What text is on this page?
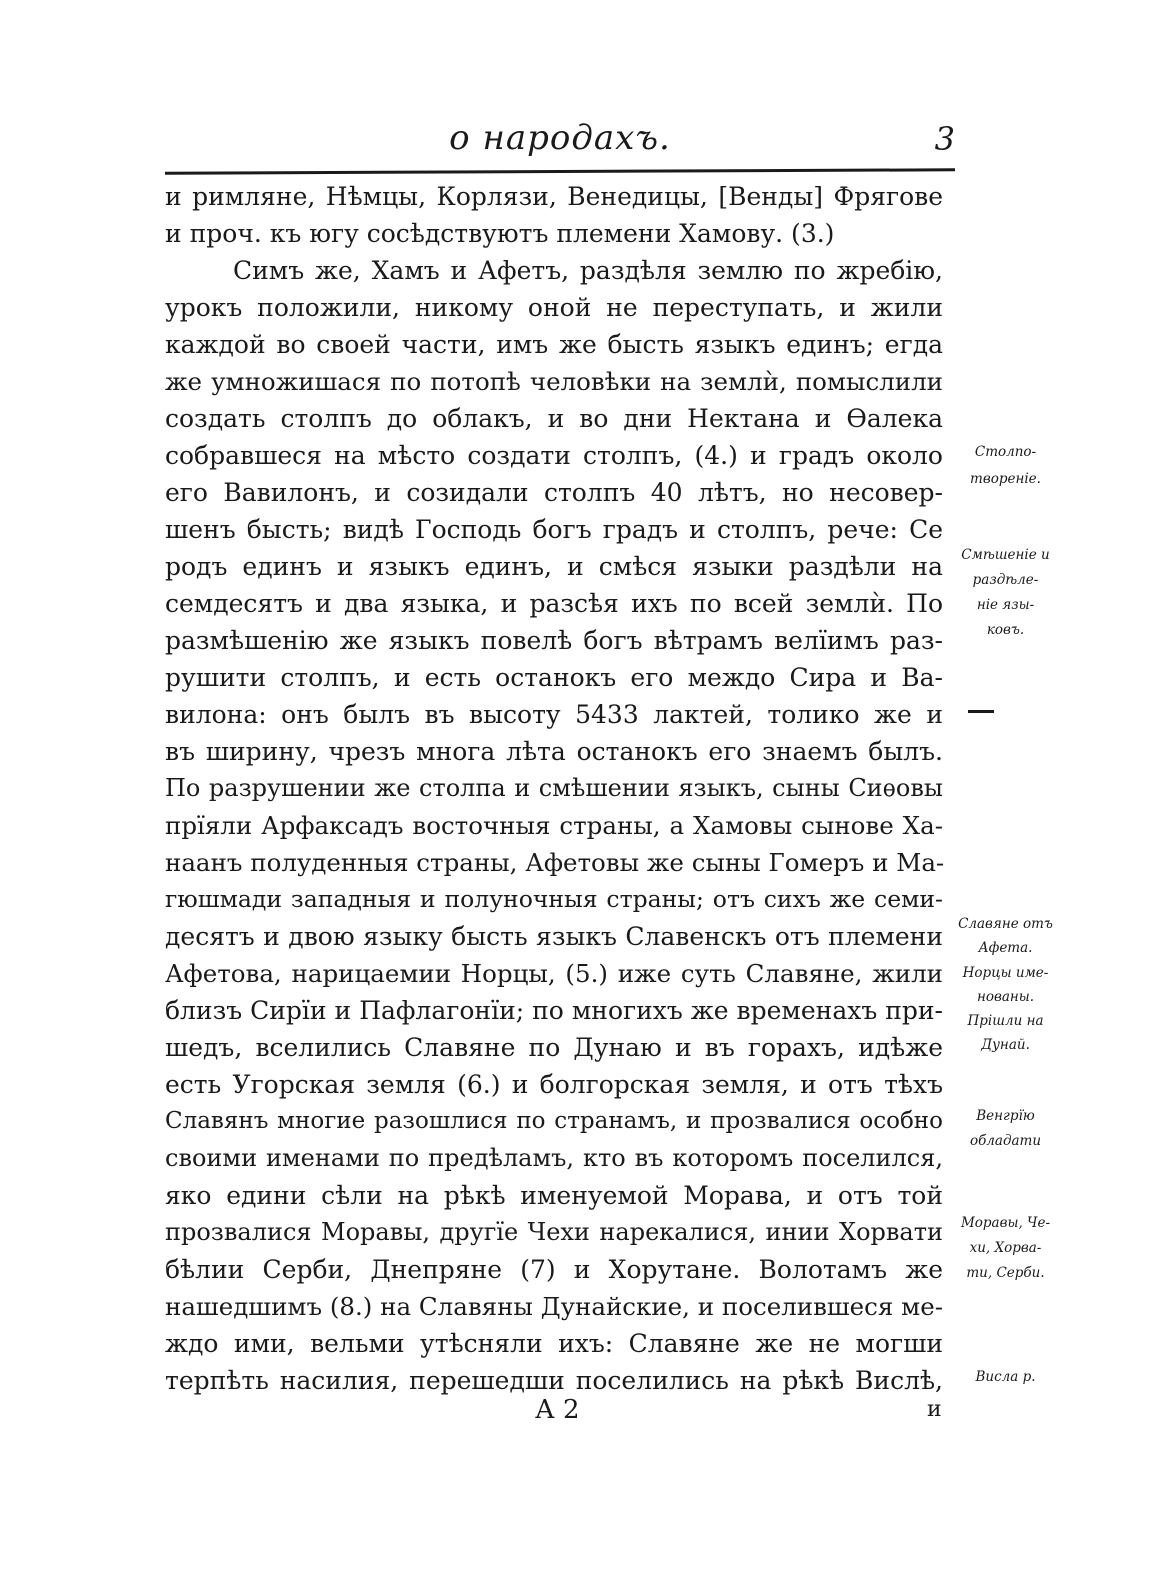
о народахъ.	3
и римляне, Нѣмцы, Корлязи, Венедицы, [Венды] Фрягове
и проч. къ югу сосѣдствуютъ племени Хамову. (3.)
Симъ же, Хамъ и Афетъ, раздѣля землю по жребію,
урокъ положили, никому оной не переступать, и жили
каждой во своей части, имъ же бысть языкъ единъ; егда
же умножишася по потопѣ человѣки на землѝ, помыслили
создать столпъ до облакъ, и во дни Нектана и Ѳалека
собравшеся на мѣсто создати столпъ, (4.) и градъ около
его Вавилонъ, и созидали столпъ 40 лѣтъ, но несовер-
шенъ бысть; видѣ Господь богъ градъ и столпъ, рече: Се
родъ единъ и языкъ единъ, и смѣся языки раздѣли на
семдесятъ и два языка, и разсѣя ихъ по всей землѝ. По
размѣшенію же языкъ повелѣ богъ вѣтрамъ велїимъ раз-
рушити столпъ, и есть останокъ его междо Сира и Ва-
вилона: онъ былъ въ высоту 5433 лактей, толико же и
въ ширину, чрезъ многа лѣта останокъ его знаемъ былъ.
По разрушении же столпа и смѣшении языкъ, сыны Сиѳовы
прїяли Арфаксадъ восточныя страны, а Хамовы сынове Ха-
наанъ полуденныя страны, Афетовы же сыны Гомеръ и Ма-
гюшмади западныя и полуночныя страны; отъ сихъ же семи-
десятъ и двою языку бысть языкъ Славенскъ отъ племени
Афетова, нарицаемии Норцы, (5.) иже суть Славяне, жили
близъ Сирїи и Пафлагонїи; по многихъ же временахъ при-
шедъ, вселились Славяне по Дунаю и въ горахъ, идѣже
есть Угорская земля (6.) и болгорская земля, и отъ тѣхъ
Славянъ многие разошлися по странамъ, и прозвалися особно
своими именами по предѣламъ, кто въ которомъ поселился,
яко едини сѣли на рѣкѣ именуемой Морава, и отъ той
прозвалися Моравы, другїе Чехи нарекалися, инии Хорвати
бѣлии Серби, Днепряне (7) и Хорутане. Волотамъ же
нашедшимъ (8.) на Славяны Дунайские, и поселившеся ме-
ждо ими, вельми утѣсняли ихъ: Славяне же не могши
терпѣть насилия, перешедши поселились на рѣкѣ Вислѣ,
Столпо-
твореніе.
Смѣшеніе и
раздѣле-
ніе язы-
ковъ.
Славяне отъ
Афета.
Норцы име-
нованы.
Прiшли на
Дунай.
Венгрїю
обладати
Моравы, Че-
хи, Хорва-
ти, Серби.
Висла р.
А 2	и
